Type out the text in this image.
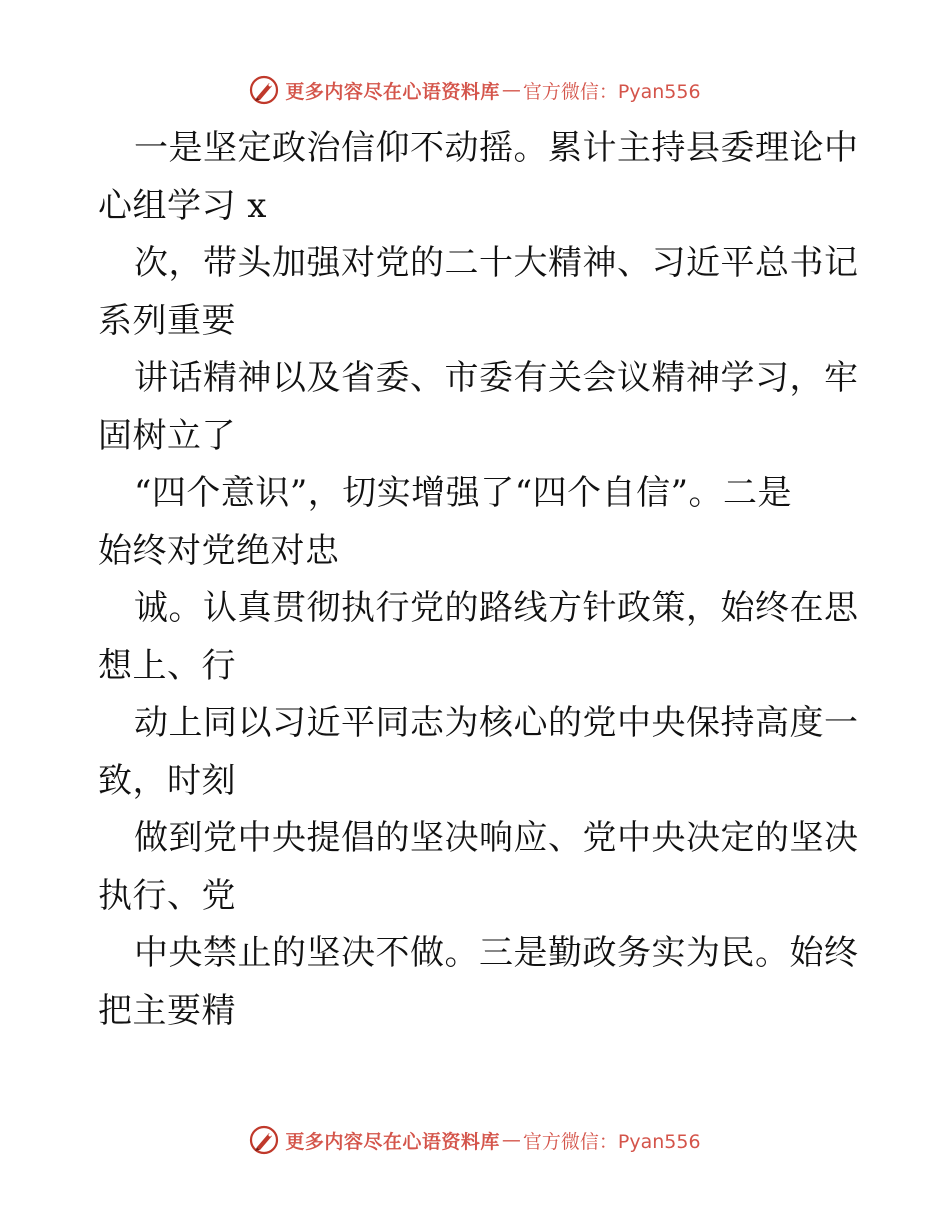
更多内容尽在心语资料库 — 官方微信：Pyan556
一是坚定政治信仰不动摇。累计主持县委理论中
心组学习 x
次，带头加强对党的二十大精神、习近平总书记
系列重要
讲话精神以及省委、市委有关会议精神学习，牢
固树立了
“四个意识”，切实增强了“四个自信”。二是
始终对党绝对忠
诚。认真贯彻执行党的路线方针政策，始终在思
想上、行
动上同以习近平同志为核心的党中央保持高度一
致，时刻
做到党中央提倡的坚决响应、党中央决定的坚决
执行、党
中央禁止的坚决不做。三是勤政务实为民。始终
把主要精
更多内容尽在心语资料库 — 官方微信：Pyan556
